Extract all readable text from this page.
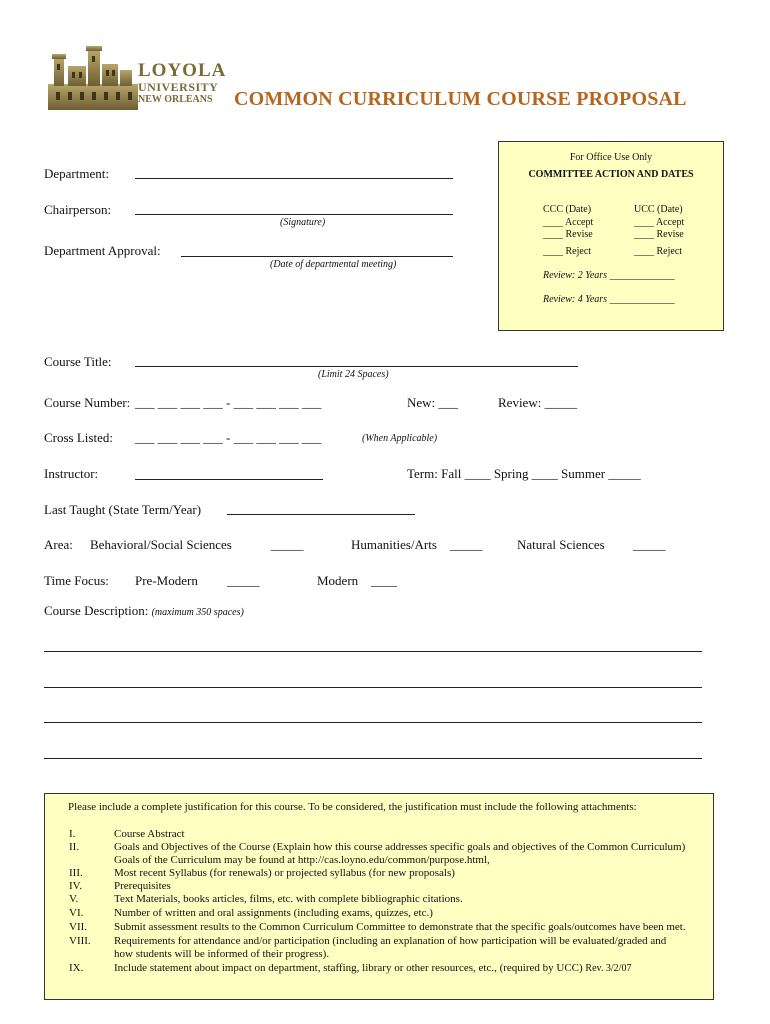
LOYOLA
UNIVERSITY
NEW ORLEANS COMMON CURRICULUM COURSE PROPOSAL
For Office Use Only
COMMITTEE ACTION AND DATES
CCC (Date)	UCC (Date)
____ Accept	____ Accept
____ Revise	____ Revise
____ Reject	____ Reject
Review: 2 Years _____________
Review: 4 Years _____________
Department:
Chairperson:
(Signature)
Department Approval:
(Date of departmental meeting)
Course Title:
(Limit 24 Spaces)
Course Number: ___ ___ ___ ___ - ___ ___ ___ ___	New: ___	Review: _____
Cross Listed: ___ ___ ___ ___ - ___ ___ ___ ___	(When Applicable)
Instructor:	Term: Fall ____ Spring ____ Summer _____
Last Taught (State Term/Year)
Area: Behavioral/Social Sciences	_____	Humanities/Arts _____	Natural Sciences _____
Time Focus: Pre-Modern _____	Modern ____
Course Description: (maximum 350 spaces)
Please include a complete justification for this course. To be considered, the justification must include the following attachments:
I.	Course Abstract
II.	Goals and Objectives of the Course (Explain how this course addresses specific goals and objectives of the Common Curriculum)
Goals of the Curriculum may be found at http://cas.loyno.edu/common/purpose.html,
III.	Most recent Syllabus (for renewals) or projected syllabus (for new proposals)
IV.	Prerequisites
V.	Text Materials, books articles, films, etc. with complete bibliographic citations.
VI.	Number of written and oral assignments (including exams, quizzes, etc.)
VII.	Submit assessment results to the Common Curriculum Committee to demonstrate that the specific goals/outcomes have been met.
VIII.	Requirements for attendance and/or participation (including an explanation of how participation will be evaluated/graded and
how students will be informed of their progress).
IX.	Include statement about impact on department, staffing, library or other resources, etc., (required by UCC) Rev. 3/2/07
